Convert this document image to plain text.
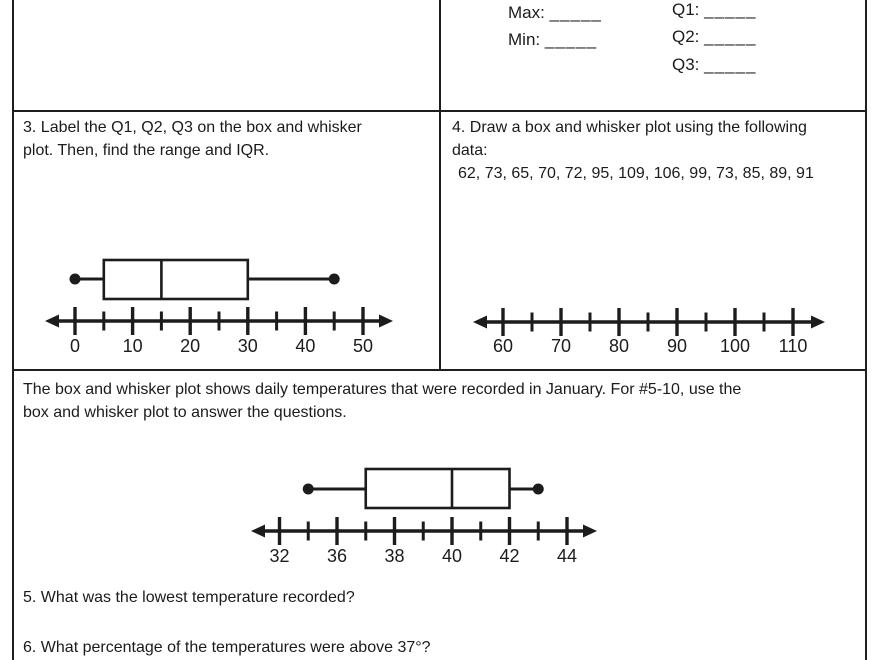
Max: _____
Min: _____
Q1: _____
Q2: _____
Q3: _____
3. Label the Q1, Q2, Q3 on the box and whisker
plot. Then, find the range and IQR.
4. Draw a box and whisker plot using the following
data:
62, 73, 65, 70, 72, 95, 109, 106, 99, 73, 85, 89, 91
The box and whisker plot shows daily temperatures that were recorded in January. For #5-10, use the
box and whisker plot to answer the questions.
5. What was the lowest temperature recorded?
6. What percentage of the temperatures were above 37°?
0 10 20 30 40 50	60 70 80 90 100 110
32 36 38 40 42 44
